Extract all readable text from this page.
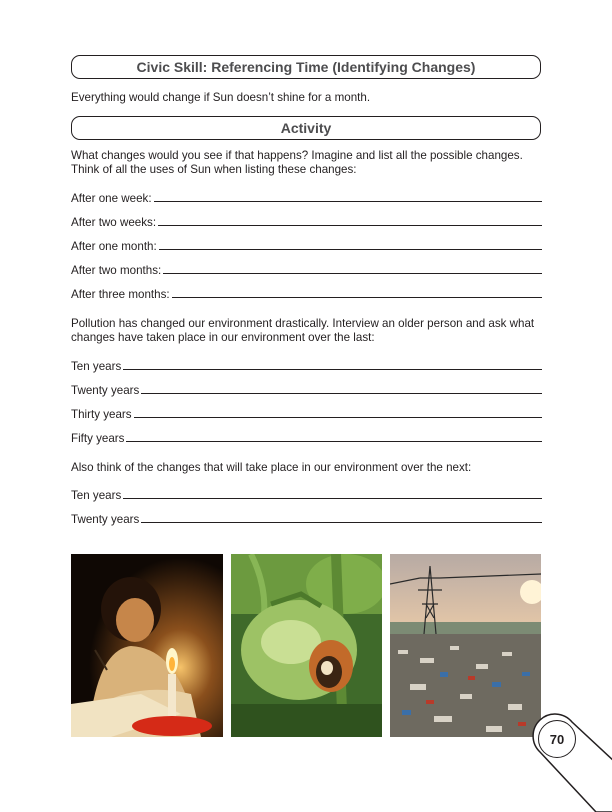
Civic Skill: Referencing Time (Identifying Changes)
Everything would change if Sun doesn’t shine for a month.
Activity
What changes would you see if that happens? Imagine and list all the possible changes. Think of all the uses of Sun when listing these changes:
After one week:
After two weeks:
After one month:
After two months:
After three months:
Pollution has changed our environment drastically. Interview an older person and ask what changes have taken place in our environment over the last:
Ten years
Twenty years
Thirty years
Fifty years
Also think of the changes that will take place in our environment over the next:
Ten years
Twenty years
70
